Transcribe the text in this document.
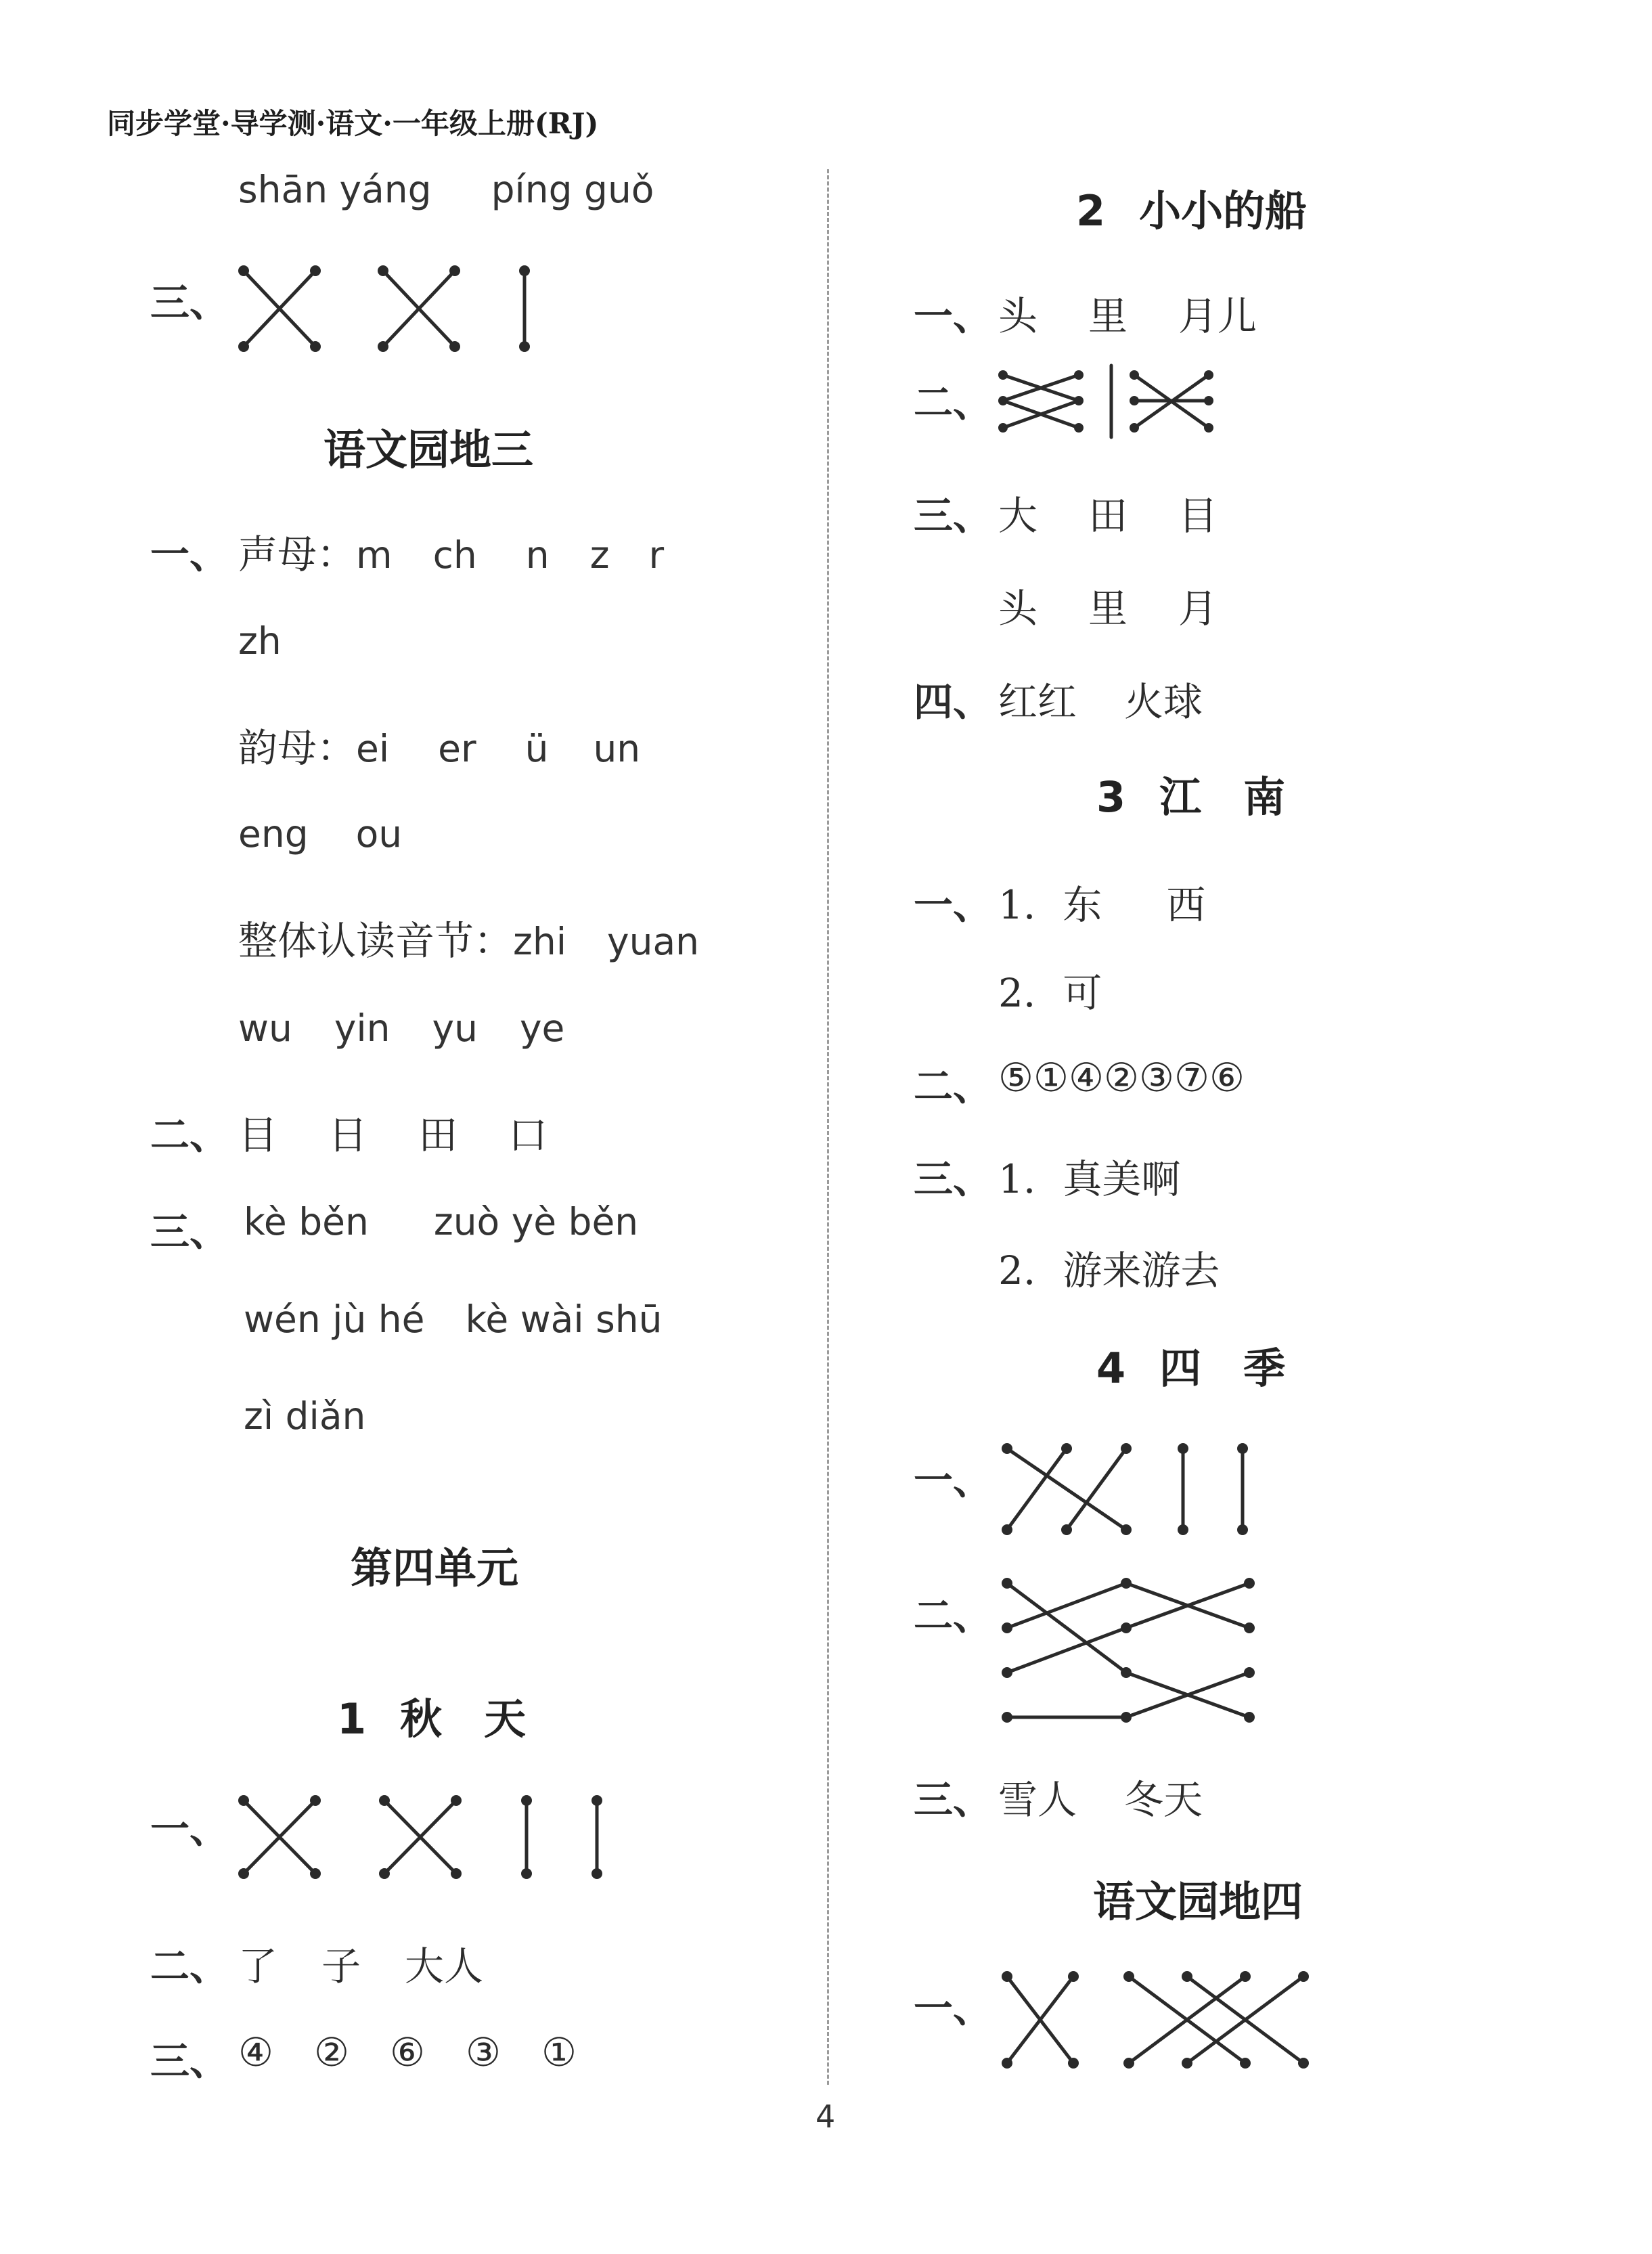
同步学堂·导学测·语文·一年级上册(RJ)
shān yáng píng guǒ
三、
语文园地三
一、 声母：m ch n z r
zh
韵母：ei er ü un
eng ou
整体认读音节：zhi yuan
wu yin yu ye
二、 目 日 田 口
三、 kè běn zuò yè běn
wén jù hé kè wài shū
zì diǎn
第四单元
1 秋　天
一、
二、 了 子 大人
三、 ④ ② ⑥ ③ ①
2 小小的船
一、 头 里 月儿
二、
三、 大 田 目
头 里 月
四、 红红 火球
3 江　南
一、 1. 东 西
2. 可
二、 ⑤①④②③⑦⑥
三、 1. 真美啊
2. 游来游去
4 四　季
一、
二、
三、 雪人 冬天
语文园地四
一、
4
